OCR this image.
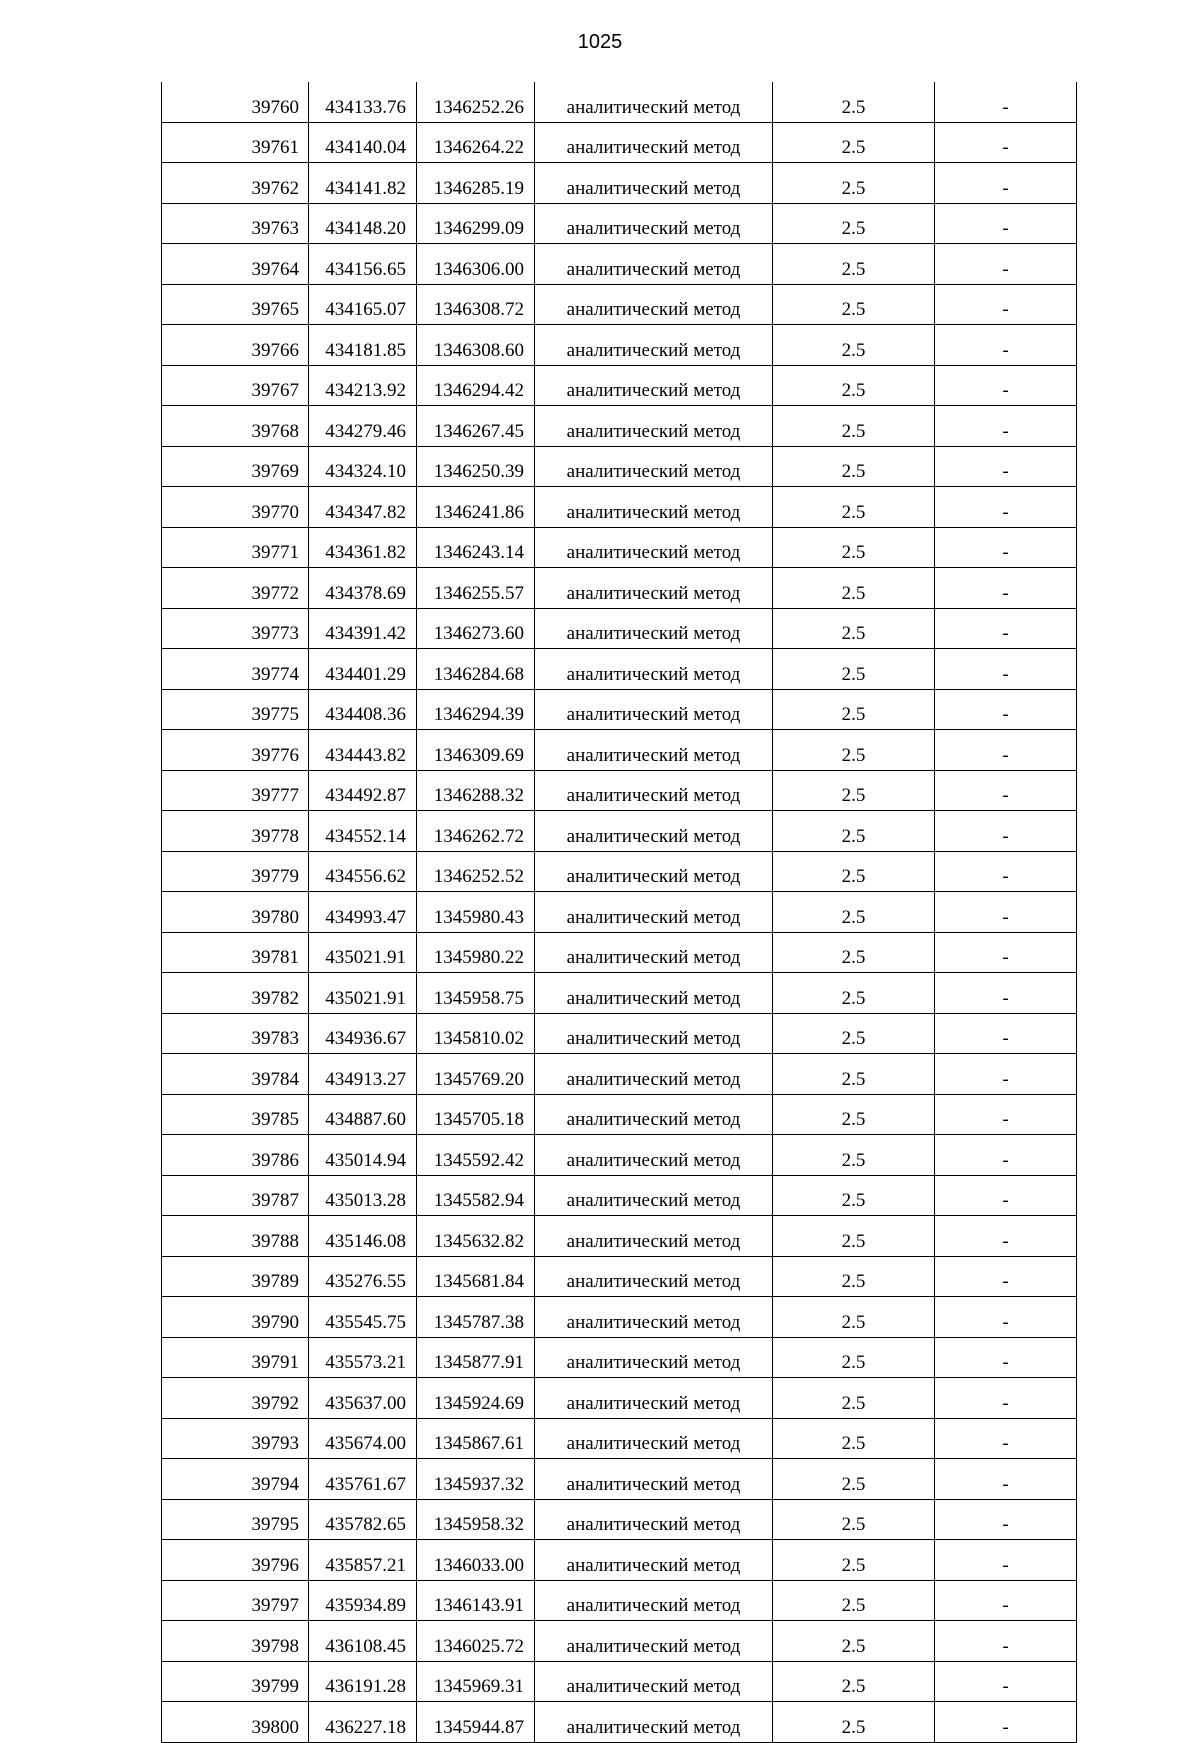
1025
39760	434133.76	1346252.26	аналитический метод	2.5	-
39761	434140.04	1346264.22	аналитический метод	2.5	-
39762	434141.82	1346285.19	аналитический метод	2.5	-
39763	434148.20	1346299.09	аналитический метод	2.5	-
39764	434156.65	1346306.00	аналитический метод	2.5	-
39765	434165.07	1346308.72	аналитический метод	2.5	-
39766	434181.85	1346308.60	аналитический метод	2.5	-
39767	434213.92	1346294.42	аналитический метод	2.5	-
39768	434279.46	1346267.45	аналитический метод	2.5	-
39769	434324.10	1346250.39	аналитический метод	2.5	-
39770	434347.82	1346241.86	аналитический метод	2.5	-
39771	434361.82	1346243.14	аналитический метод	2.5	-
39772	434378.69	1346255.57	аналитический метод	2.5	-
39773	434391.42	1346273.60	аналитический метод	2.5	-
39774	434401.29	1346284.68	аналитический метод	2.5	-
39775	434408.36	1346294.39	аналитический метод	2.5	-
39776	434443.82	1346309.69	аналитический метод	2.5	-
39777	434492.87	1346288.32	аналитический метод	2.5	-
39778	434552.14	1346262.72	аналитический метод	2.5	-
39779	434556.62	1346252.52	аналитический метод	2.5	-
39780	434993.47	1345980.43	аналитический метод	2.5	-
39781	435021.91	1345980.22	аналитический метод	2.5	-
39782	435021.91	1345958.75	аналитический метод	2.5	-
39783	434936.67	1345810.02	аналитический метод	2.5	-
39784	434913.27	1345769.20	аналитический метод	2.5	-
39785	434887.60	1345705.18	аналитический метод	2.5	-
39786	435014.94	1345592.42	аналитический метод	2.5	-
39787	435013.28	1345582.94	аналитический метод	2.5	-
39788	435146.08	1345632.82	аналитический метод	2.5	-
39789	435276.55	1345681.84	аналитический метод	2.5	-
39790	435545.75	1345787.38	аналитический метод	2.5	-
39791	435573.21	1345877.91	аналитический метод	2.5	-
39792	435637.00	1345924.69	аналитический метод	2.5	-
39793	435674.00	1345867.61	аналитический метод	2.5	-
39794	435761.67	1345937.32	аналитический метод	2.5	-
39795	435782.65	1345958.32	аналитический метод	2.5	-
39796	435857.21	1346033.00	аналитический метод	2.5	-
39797	435934.89	1346143.91	аналитический метод	2.5	-
39798	436108.45	1346025.72	аналитический метод	2.5	-
39799	436191.28	1345969.31	аналитический метод	2.5	-
39800	436227.18	1345944.87	аналитический метод	2.5	-
